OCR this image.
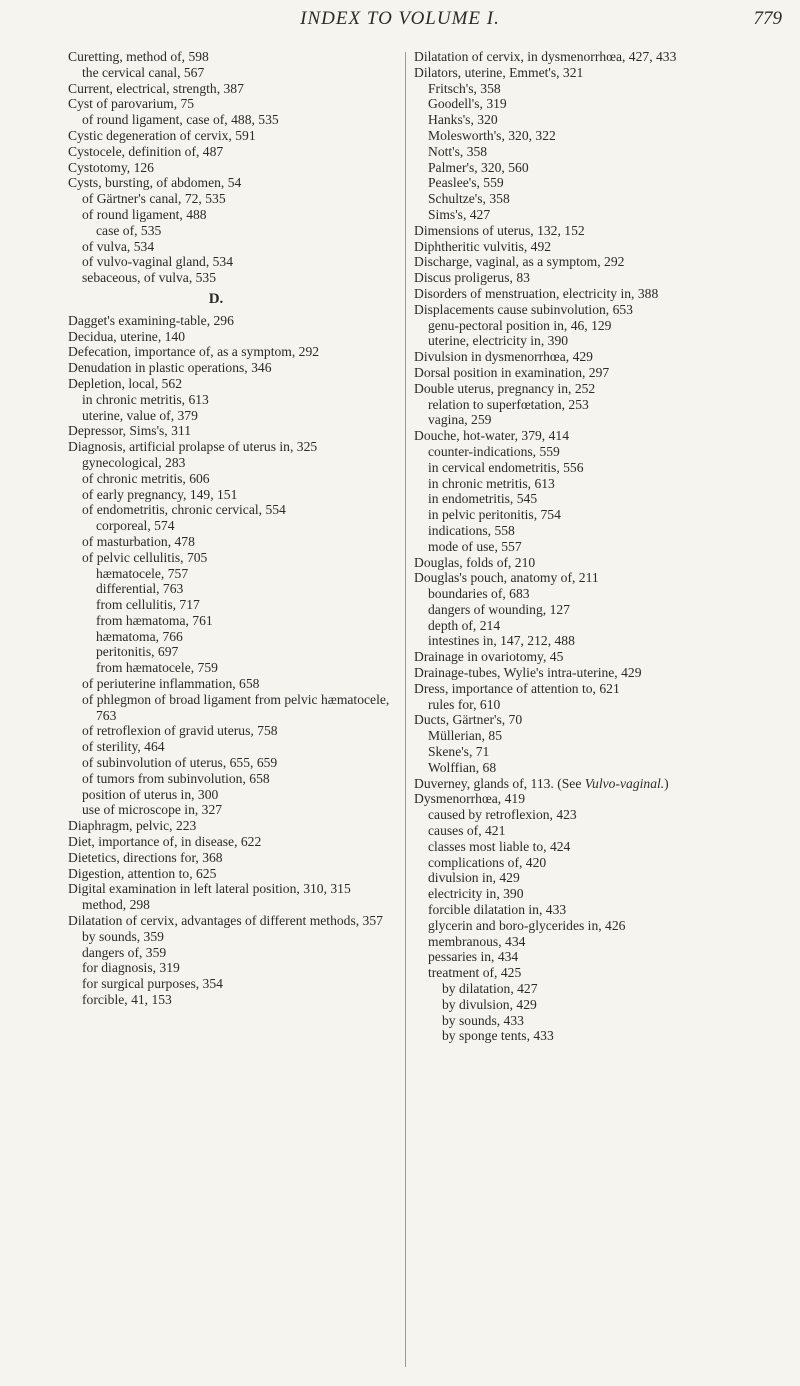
INDEX TO VOLUME I.	779
Curetting, method of, 598
the cervical canal, 567
Current, electrical, strength, 387
Cyst of parovarium, 75
of round ligament, case of, 488, 535
Cystic degeneration of cervix, 591
Cystocele, definition of, 487
Cystotomy, 126
Cysts, bursting, of abdomen, 54
of Gärtner's canal, 72, 535
of round ligament, 488
case of, 535
of vulva, 534
of vulvo-vaginal gland, 534
sebaceous, of vulva, 535
D.
Dagget's examining-table, 296
Decidua, uterine, 140
Defecation, importance of, as a symptom, 292
Denudation in plastic operations, 346
Depletion, local, 562
in chronic metritis, 613
uterine, value of, 379
Depressor, Sims's, 311
Diagnosis, artificial prolapse of uterus in, 325
gynecological, 283
of chronic metritis, 606
of early pregnancy, 149, 151
of endometritis, chronic cervical, 554
corporeal, 574
of masturbation, 478
of pelvic cellulitis, 705
hæmatocele, 757
differential, 763
from cellulitis, 717
from hæmatoma, 761
hæmatoma, 766
peritonitis, 697
from hæmatocele, 759
of periuterine inflammation, 658
of phlegmon of broad ligament from pelvic hæmatocele, 763
of retroflexion of gravid uterus, 758
of sterility, 464
of subinvolution of uterus, 655, 659
of tumors from subinvolution, 658
position of uterus in, 300
use of microscope in, 327
Diaphragm, pelvic, 223
Diet, importance of, in disease, 622
Dietetics, directions for, 368
Digestion, attention to, 625
Digital examination in left lateral position, 310, 315
method, 298
Dilatation of cervix, advantages of different methods, 357
by sounds, 359
dangers of, 359
for diagnosis, 319
for surgical purposes, 354
forcible, 41, 153
Dilatation of cervix, in dysmenorrhœa, 427, 433
Dilators, uterine, Emmet's, 321
Fritsch's, 358
Goodell's, 319
Hanks's, 320
Molesworth's, 320, 322
Nott's, 358
Palmer's, 320, 560
Peaslee's, 559
Schultze's, 358
Sims's, 427
Dimensions of uterus, 132, 152
Diphtheritic vulvitis, 492
Discharge, vaginal, as a symptom, 292
Discus proligerus, 83
Disorders of menstruation, electricity in, 388
Displacements cause subinvolution, 653
genu-pectoral position in, 46, 129
uterine, electricity in, 390
Divulsion in dysmenorrhœa, 429
Dorsal position in examination, 297
Double uterus, pregnancy in, 252
relation to superfœtation, 253
vagina, 259
Douche, hot-water, 379, 414
counter-indications, 559
in cervical endometritis, 556
in chronic metritis, 613
in endometritis, 545
in pelvic peritonitis, 754
indications, 558
mode of use, 557
Douglas, folds of, 210
Douglas's pouch, anatomy of, 211
boundaries of, 683
dangers of wounding, 127
depth of, 214
intestines in, 147, 212, 488
Drainage in ovariotomy, 45
Drainage-tubes, Wylie's intra-uterine, 429
Dress, importance of attention to, 621
rules for, 610
Ducts, Gärtner's, 70
Müllerian, 85
Skene's, 71
Wolffian, 68
Duverney, glands of, 113. (See Vulvo-vaginal.)
Dysmenorrhœa, 419
caused by retroflexion, 423
causes of, 421
classes most liable to, 424
complications of, 420
divulsion in, 429
electricity in, 390
forcible dilatation in, 433
glycerin and boro-glycerides in, 426
membranous, 434
pessaries in, 434
treatment of, 425
by dilatation, 427
by divulsion, 429
by sounds, 433
by sponge tents, 433
